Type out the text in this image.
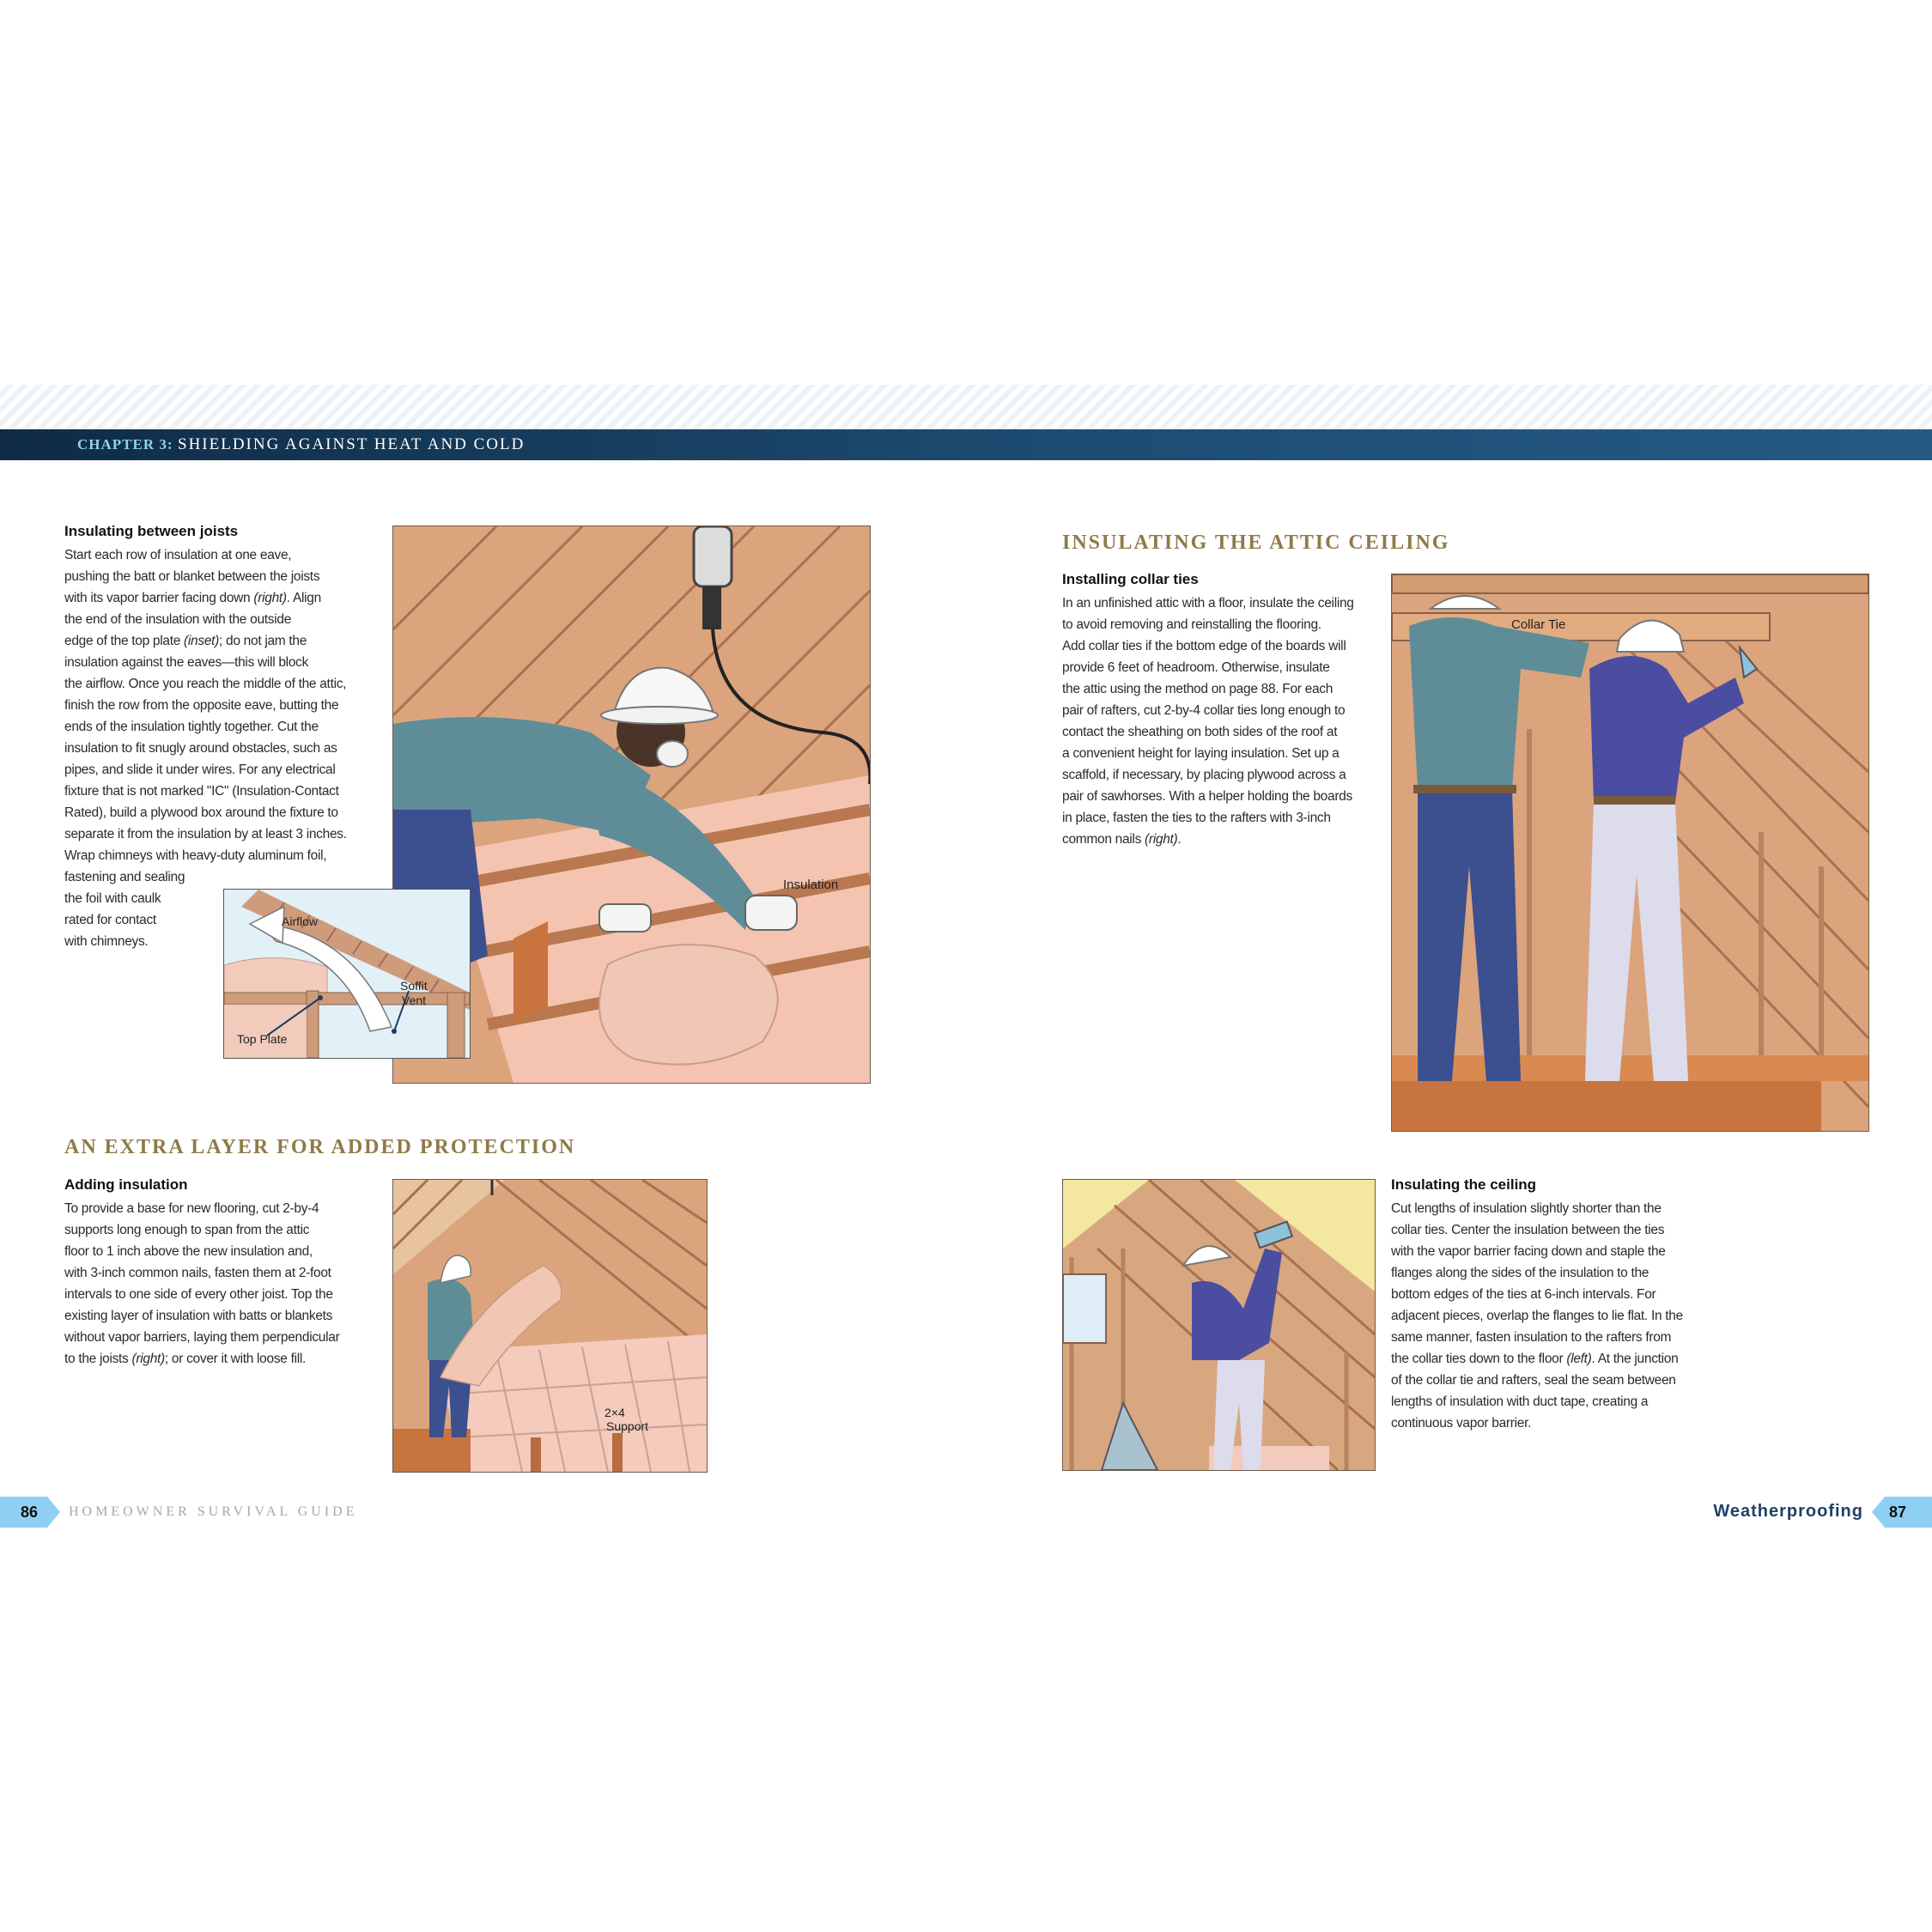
CHAPTER 3: SHIELDING AGAINST HEAT AND COLD
Insulating between joists
Start each row of insulation at one eave,
pushing the batt or blanket between the joists
with its vapor barrier facing down (right). Align
the end of the insulation with the outside
edge of the top plate (inset); do not jam the
insulation against the eaves—this will block
the airflow. Once you reach the middle of the attic,
finish the row from the opposite eave, butting the
ends of the insulation tightly together. Cut the
insulation to fit snugly around obstacles, such as
pipes, and slide it under wires. For any electrical
fixture that is not marked "IC" (Insulation-Contact
Rated), build a plywood box around the fixture to
separate it from the insulation by at least 3 inches.
Wrap chimneys with heavy-duty aluminum foil,
fastening and sealing
the foil with caulk
rated for contact
with chimneys.
Insulation
Airflow
Soffit
Vent
Top Plate
AN EXTRA LAYER FOR ADDED PROTECTION
Adding insulation
To provide a base for new flooring, cut 2-by-4
supports long enough to span from the attic
floor to 1 inch above the new insulation and,
with 3-inch common nails, fasten them at 2-foot
intervals to one side of every other joist. Top the
existing layer of insulation with batts or blankets
without vapor barriers, laying them perpendicular
to the joists (right); or cover it with loose fill.
2×4
Support
86	HOMEOWNER SURVIVAL GUIDE
INSULATING THE ATTIC CEILING
Installing collar ties
In an unfinished attic with a floor, insulate the ceiling
to avoid removing and reinstalling the flooring.
Add collar ties if the bottom edge of the boards will
provide 6 feet of headroom. Otherwise, insulate
the attic using the method on page 88. For each
pair of rafters, cut 2-by-4 collar ties long enough to
contact the sheathing on both sides of the roof at
a convenient height for laying insulation. Set up a
scaffold, if necessary, by placing plywood across a
pair of sawhorses. With a helper holding the boards
in place, fasten the ties to the rafters with 3-inch
common nails (right).
Collar Tie
Insulating the ceiling
Cut lengths of insulation slightly shorter than the
collar ties. Center the insulation between the ties
with the vapor barrier facing down and staple the
flanges along the sides of the insulation to the
bottom edges of the ties at 6-inch intervals. For
adjacent pieces, overlap the flanges to lie flat. In the
same manner, fasten insulation to the rafters from
the collar ties down to the floor (left). At the junction
of the collar tie and rafters, seal the seam between
lengths of insulation with duct tape, creating a
continuous vapor barrier.
Weatherproofing 87
